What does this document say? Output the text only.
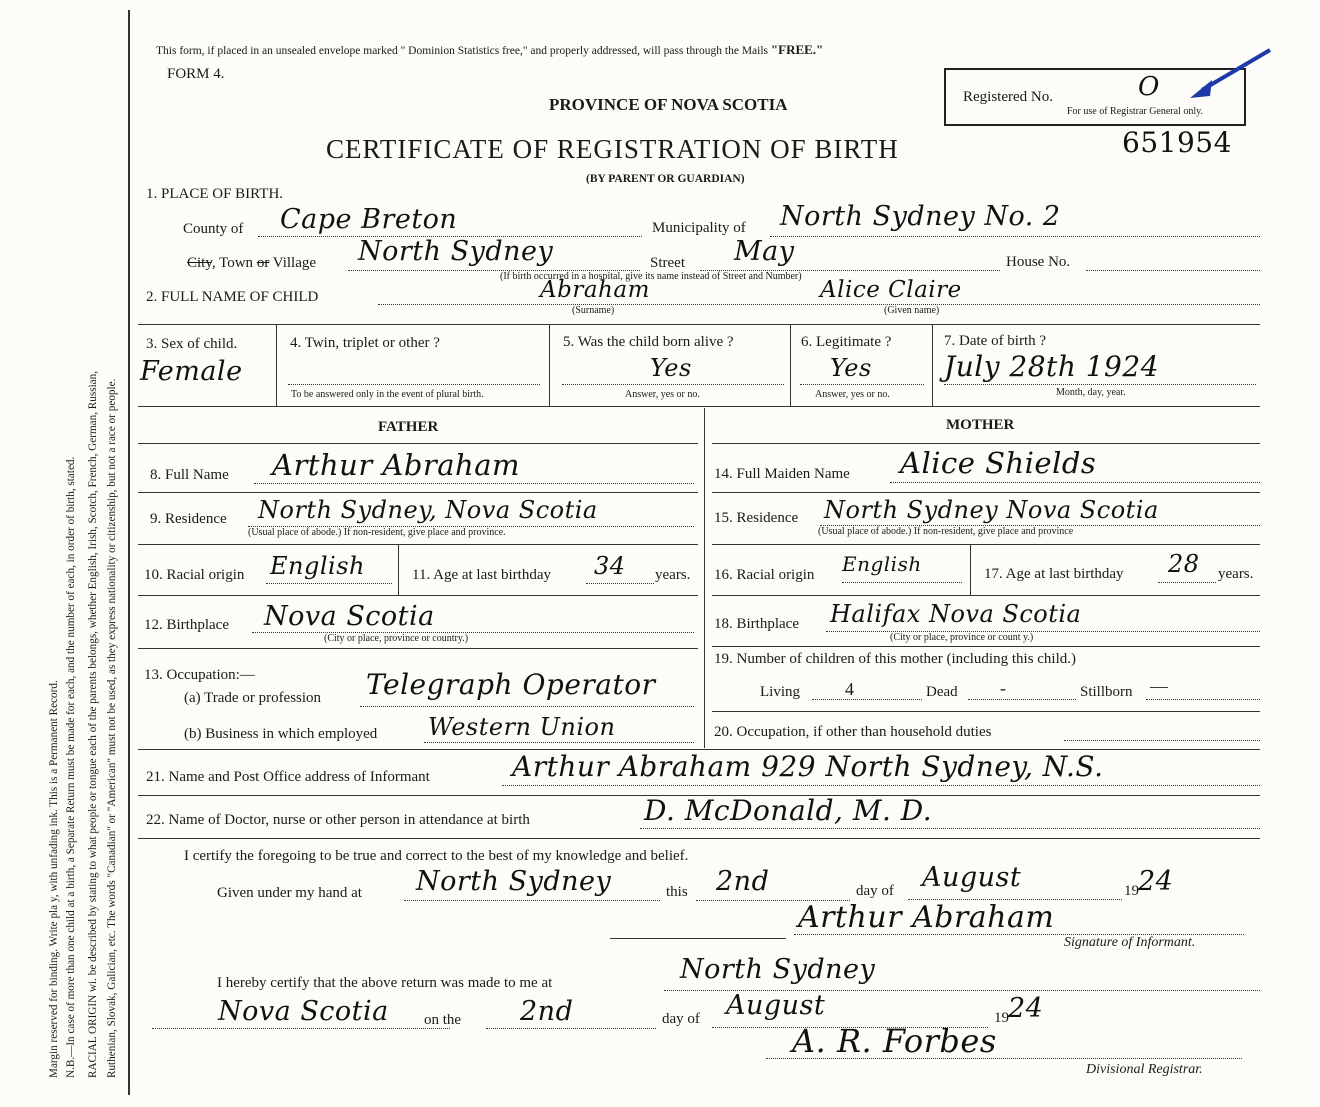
Margin reserved for binding. Write pla y, with unfading ink. This is a Permanent Record. N.B.—In case of more than one child at a birth, a Separate Return must be made for each, and the number of each, in order of birth, stated. RACIAL ORIGIN wi. be described by stating to what people or tongue each of the parents belongs, whether English, Irish, Scotch, French, German, Russian, Ruthenian, Slovak, Galician, etc. The words "Canadian" or "American" must not be used, as they express nationality or citizenship, but not a race or people.
This form, if placed in an unsealed envelope marked " Dominion Statistics free," and properly addressed, will pass through the Mails "FREE."
FORM 4.
PROVINCE OF NOVA SCOTIA
CERTIFICATE OF REGISTRATION OF BIRTH
(BY PARENT OR GUARDIAN)
Registered No.	O
For use of Registrar General only.
651954
1. PLACE OF BIRTH.
County of Cape Breton	Municipality of North Sydney No. 2
City, Town or Village North Sydney	Street May	House No.
(If birth occurred in a hospital, give its name instead of Street and Number)
2. FULL NAME OF CHILD	Abraham
(Surname)
Alice Claire
(Given name)
3. Sex of child.
Female
4. Twin, triplet or other ?
To be answered only in the event of plural birth.
5. Was the child born alive ?
Yes
Answer, yes or no.
6. Legitimate ?
Yes
Answer, yes or no.
7. Date of birth ?
July 28th 1924
Month, day, year.
FATHER	MOTHER
8. Full Name Arthur Abraham
9. Residence North Sydney, Nova Scotia
(Usual place of abode.) If non-resident, give place and province.
10. Racial origin English	11. Age at last birthday 34 years.
12. Birthplace Nova Scotia
(City or place, province or country.)
13. Occupation:—
(a) Trade or profession Telegraph Operator
(b) Business in which employed Western Union
14. Full Maiden Name Alice Shields
15. Residence North Sydney Nova Scotia
(Usual place of abode.) If non-resident, give place and province
16. Racial origin English	17. Age at last birthday 28 years.
18. Birthplace Halifax Nova Scotia
(City or place, province or count y.)
19. Number of children of this mother (including this child.)
Living	4	Dead -	Stillborn —
20. Occupation, if other than household duties
21. Name and Post Office address of Informant	Arthur Abraham 929 North Sydney, N.S.
22. Name of Doctor, nurse or other person in attendance at birth	D. McDonald, M. D.
I certify the foregoing to be true and correct to the best of my knowledge and belief.
Given under my hand at North Sydney	this 2nd	day of August	19 24
Arthur Abraham
Signature of Informant.
I hereby certify that the above return was made to me at	North Sydney
Nova Scotia on the 2nd	day of August	19 24
A. R. Forbes
Divisional Registrar.
